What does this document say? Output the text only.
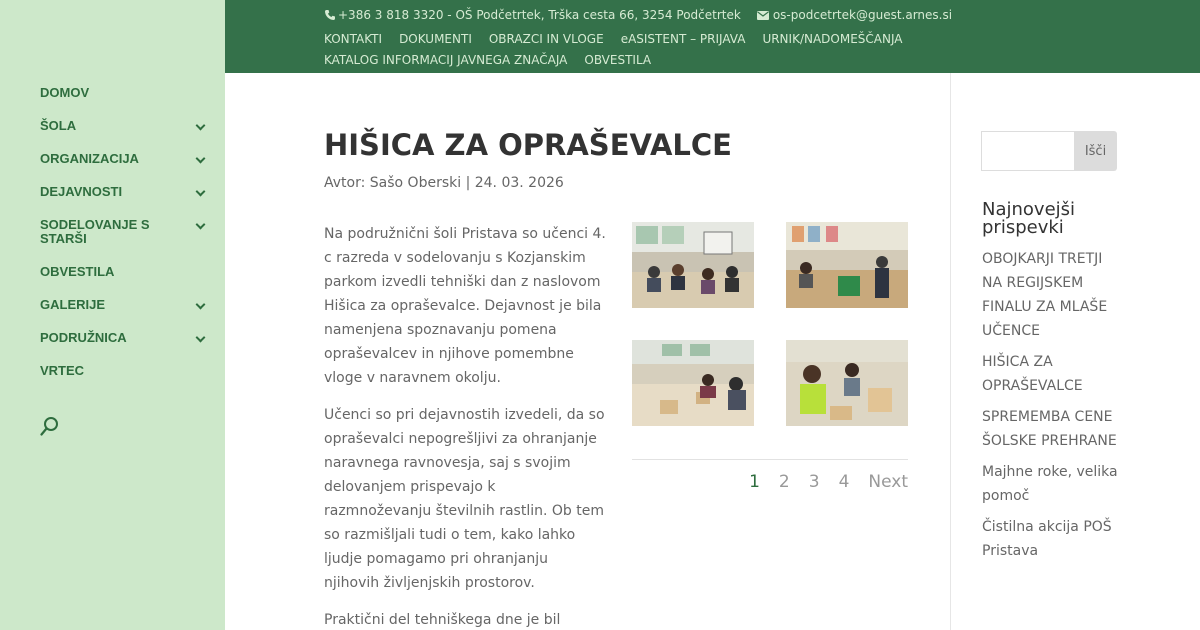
DOMOV
ŠOLA
ORGANIZACIJA
DEJAVNOSTI
SODELOVANJE S STARŠI
OBVESTILA
GALERIJE
PODRUŽNICA
VRTEC
+386 3 818 3320 - OŠ Podčetrtek, Trška cesta 66, 3254 Podčetrtek	os-podcetrtek@guest.arnes.si
KONTAKTI DOKUMENTI OBRAZCI IN VLOGE eASISTENT – PRIJAVA URNIK/NADOMEŠČANJAKATALOG INFORMACIJ JAVNEGA ZNAČAJA OBVESTILA
HIŠICA ZA OPRAŠEVALCE
Avtor: Sašo Oberski | 24. 03. 2026

Na podružnični šoli Pristava so učenci 4. c razreda v sodelovanju s Kozjanskim parkom izvedli tehniški dan z naslovom Hišica za opraševalce. Dejavnost je bila namenjena spoznavanju pomena opraševalcev in njihove pomembne vloge v naravnem okolju.

Učenci so pri dejavnostih izvedeli, da so opraševalci nepogrešljivi za ohranjanje naravnega ravnovesja, saj s svojim delovanjem prispevajo k razmnoževanju številnih rastlin. Ob tem so razmišljali tudi o tem, kako lahko ljudje pomagamo pri ohranjanju njihovih življenjskih prostorov.

Praktični del tehniškega dne je bil

1 2 3 4 Next
Išči
Najnovejši prispevki
OBOJKARJI TRETJI NA REGIJSKEM FINALU ZA MLAŠE UČENCE
HIŠICA ZA OPRAŠEVALCE
SPREMEMBA CENE ŠOLSKE PREHRANE
Majhne roke, velika pomoč
Čistilna akcija POŠ Pristava
